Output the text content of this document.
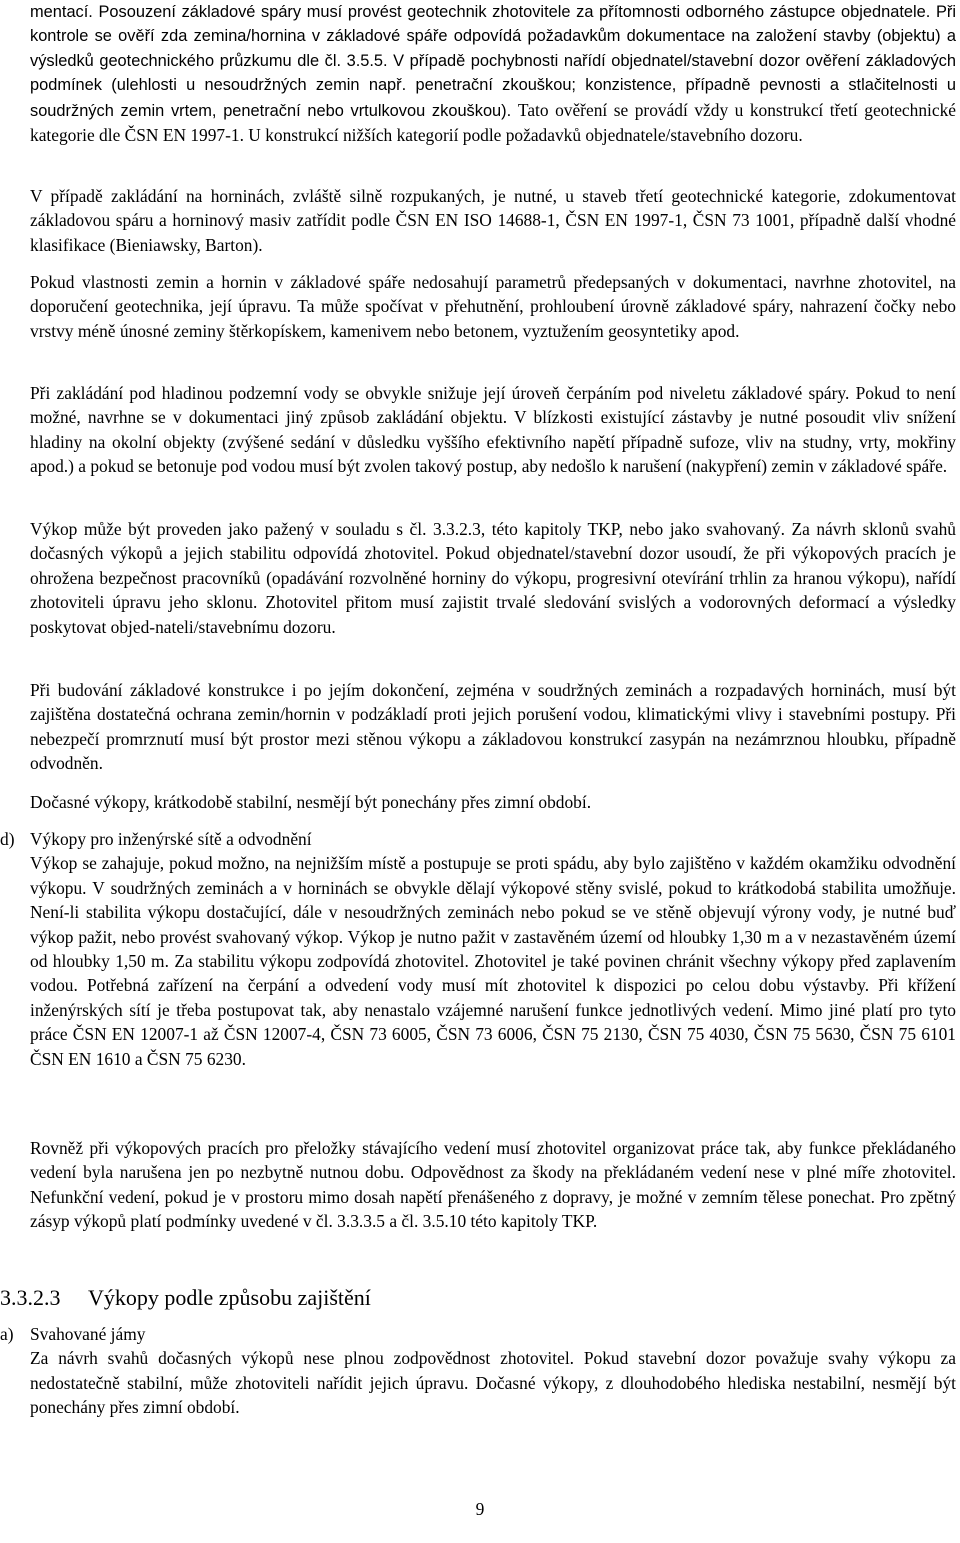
mentací. Posouzení základové spáry musí provést geotechnik zhotovitele za přítomnosti odborného zástupce objednatele. Při kontrole se ověří zda zemina/hornina v základové spáře odpovídá požadavkům dokumentace na založení stavby (objektu) a výsledků geotechnického průzkumu dle čl. 3.5.5. V případě pochybnosti nařídí objednatel/stavební dozor ověření základových podmínek (ulehlosti u nesoudržných zemin např. penetrační zkouškou; konzistence, případně pevnosti a stlačitelnosti u soudržných zemin vrtem, penetrační nebo vrtulkovou zkouškou). Tato ověření se provádí vždy u konstrukcí třetí geotechnické kategorie dle ČSN EN 1997-1. U konstrukcí nižších kategorií podle požadavků objednatele/stavebního dozoru.

V případě zakládání na horninách, zvláště silně rozpukaných, je nutné, u staveb třetí geotechnické kategorie, zdokumentovat základovou spáru a horninový masiv zatřídit podle ČSN EN ISO 14688-1, ČSN EN 1997-1, ČSN 73 1001, případně další vhodné klasifikace (Bieniawsky, Barton).

Pokud vlastnosti zemin a hornin v základové spáře nedosahují parametrů předepsaných v dokumentaci, navrhne zhotovitel, na doporučení geotechnika, její úpravu. Ta může spočívat v přehutnění, prohloubení úrovně základové spáry, nahrazení čočky nebo vrstvy méně únosné zeminy štěrkopískem, kamenivem nebo betonem, vyztužením geosyntetiky apod.

Při zakládání pod hladinou podzemní vody se obvykle snižuje její úroveň čerpáním pod niveletu základové spáry. Pokud to není možné, navrhne se v dokumentaci jiný způsob zakládání objektu. V blízkosti existující zástavby je nutné posoudit vliv snížení hladiny na okolní objekty (zvýšené sedání v důsledku vyššího efektivního napětí případně sufoze, vliv na studny, vrty, mokřiny apod.) a pokud se betonuje pod vodou musí být zvolen takový postup, aby nedošlo k narušení (nakypření) zemin v základové spáře.

Výkop může být proveden jako pažený v souladu s čl. 3.3.2.3, této kapitoly TKP, nebo jako svahovaný. Za návrh sklonů svahů dočasných výkopů a jejich stabilitu odpovídá zhotovitel. Pokud objednatel/stavební dozor usoudí, že při výkopových pracích je ohrožena bezpečnost pracovníků (opadávání rozvolněné horniny do výkopu, progresivní otevírání trhlin za hranou výkopu), nařídí zhotoviteli úpravu jeho sklonu. Zhotovitel přitom musí zajistit trvalé sledování svislých a vodorovných deformací a výsledky poskytovat objed-nateli/stavebnímu dozoru.

Při budování základové konstrukce i po jejím dokončení, zejména v soudržných zeminách a rozpadavých horninách, musí být zajištěna dostatečná ochrana zemin/hornin v podzákladí proti jejich porušení vodou, klimatickými vlivy i stavebními postupy. Při nebezpečí promrznutí musí být prostor mezi stěnou výkopu a základovou konstrukcí zasypán na nezámrznou hloubku, případně odvodněn.

Dočasné výkopy, krátkodobě stabilní, nesmějí být ponechány přes zimní období.

d) Výkopy pro inženýrské sítě a odvodnění

Výkop se zahajuje, pokud možno, na nejnižším místě a postupuje se proti spádu, aby bylo zajištěno v každém okamžiku odvodnění výkopu. V soudržných zeminách a v horninách se obvykle dělají výkopové stěny svislé, pokud to krátkodobá stabilita umožňuje. Není-li stabilita výkopu dostačující, dále v nesoudržných zeminách nebo pokud se ve stěně objevují výrony vody, je nutné buď výkop pažit, nebo provést svahovaný výkop. Výkop je nutno pažit v zastavěném území od hloubky 1,30 m a v nezastavěném území od hloubky 1,50 m. Za stabilitu výkopu zodpovídá zhotovitel. Zhotovitel je také povinen chránit všechny výkopy před zaplavením vodou. Potřebná zařízení na čerpání a odvedení vody musí mít zhotovitel k dispozici po celou dobu výstavby. Při křížení inženýrských sítí je třeba postupovat tak, aby nenastalo vzájemné narušení funkce jednotlivých vedení. Mimo jiné platí pro tyto práce ČSN EN 12007-1 až ČSN 12007-4, ČSN 73 6005, ČSN 73 6006, ČSN 75 2130, ČSN 75 4030, ČSN 75 5630, ČSN 75 6101 ČSN EN 1610 a ČSN 75 6230.

Rovněž při výkopových pracích pro přeložky stávajícího vedení musí zhotovitel organizovat práce tak, aby funkce překládaného vedení byla narušena jen po nezbytně nutnou dobu. Odpovědnost za škody na překládaném vedení nese v plné míře zhotovitel. Nefunkční vedení, pokud je v prostoru mimo dosah napětí přenášeného z dopravy, je možné v zemním tělese ponechat. Pro zpětný zásyp výkopů platí podmínky uvedené v čl. 3.3.3.5 a čl. 3.5.10 této kapitoly TKP.

3.3.2.3 Výkopy podle způsobu zajištění
a) Svahované jámy

Za návrh svahů dočasných výkopů nese plnou zodpovědnost zhotovitel. Pokud stavební dozor považuje svahy výkopu za nedostatečně stabilní, může zhotoviteli nařídit jejich úpravu. Dočasné výkopy, z dlouhodobého hlediska nestabilní, nesmějí být ponechány přes zimní období.

9
